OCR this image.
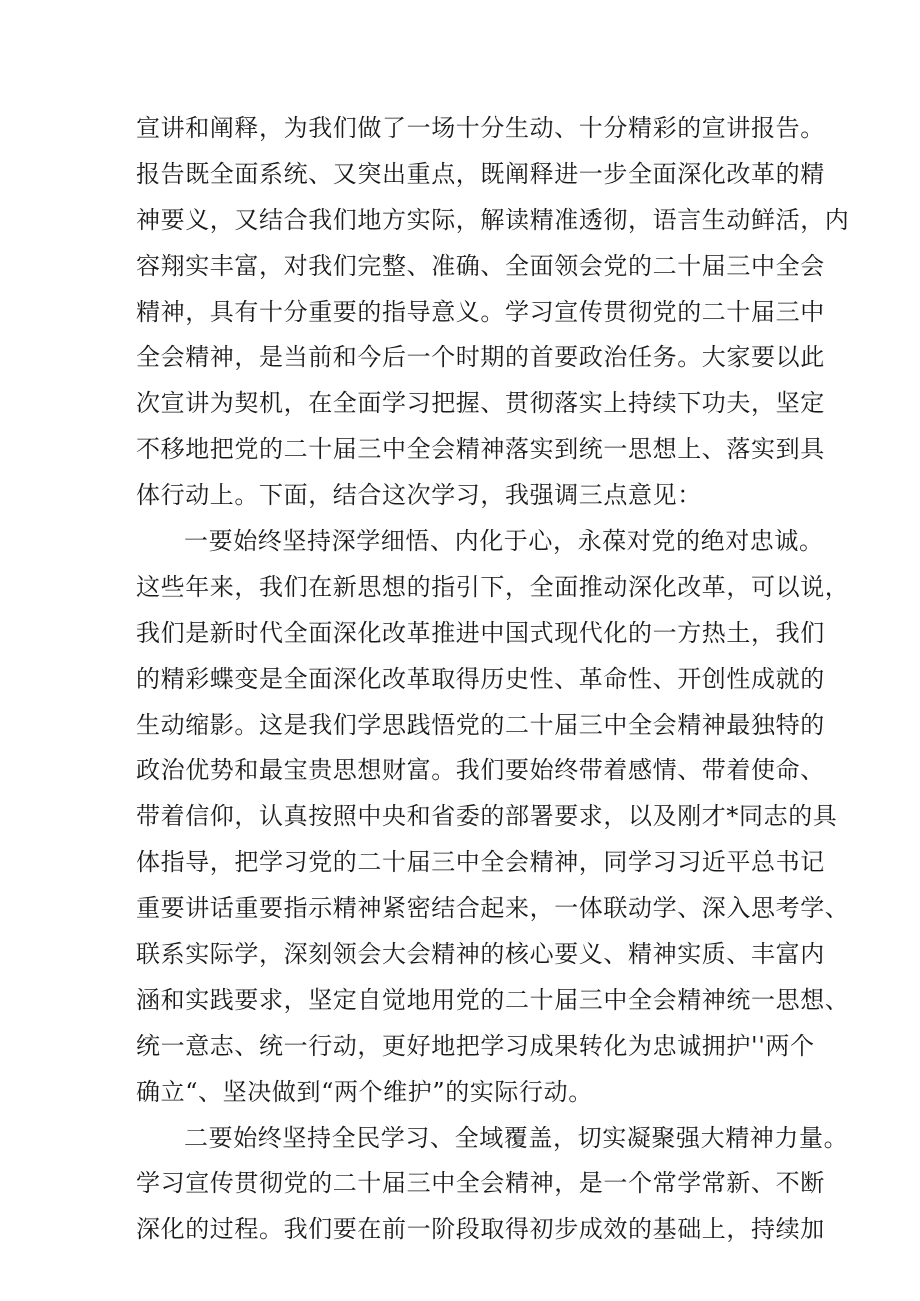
宣讲和阐释，为我们做了一场十分生动、十分精彩的宣讲报告。
报告既全面系统、又突出重点，既阐释进一步全面深化改革的精
神要义，又结合我们地方实际，解读精准透彻，语言生动鲜活，内
容翔实丰富，对我们完整、准确、全面领会党的二十届三中全会
精神，具有十分重要的指导意义。学习宣传贯彻党的二十届三中
全会精神，是当前和今后一个时期的首要政治任务。大家要以此
次宣讲为契机，在全面学习把握、贯彻落实上持续下功夫，坚定
不移地把党的二十届三中全会精神落实到统一思想上、落实到具
体行动上。下面，结合这次学习，我强调三点意见：
一要始终坚持深学细悟、内化于心，永葆对党的绝对忠诚。
这些年来，我们在新思想的指引下，全面推动深化改革，可以说，
我们是新时代全面深化改革推进中国式现代化的一方热土，我们
的精彩蝶变是全面深化改革取得历史性、革命性、开创性成就的
生动缩影。这是我们学思践悟党的二十届三中全会精神最独特的
政治优势和最宝贵思想财富。我们要始终带着感情、带着使命、
带着信仰，认真按照中央和省委的部署要求，以及刚才*同志的具
体指导，把学习党的二十届三中全会精神，同学习习近平总书记
重要讲话重要指示精神紧密结合起来，一体联动学、深入思考学、
联系实际学，深刻领会大会精神的核心要义、精神实质、丰富内
涵和实践要求，坚定自觉地用党的二十届三中全会精神统一思想、
统一意志、统一行动，更好地把学习成果转化为忠诚拥护''两个
确立“、坚决做到“两个维护”的实际行动。
二要始终坚持全民学习、全域覆盖，切实凝聚强大精神力量。
学习宣传贯彻党的二十届三中全会精神，是一个常学常新、不断
深化的过程。我们要在前一阶段取得初步成效的基础上，持续加
